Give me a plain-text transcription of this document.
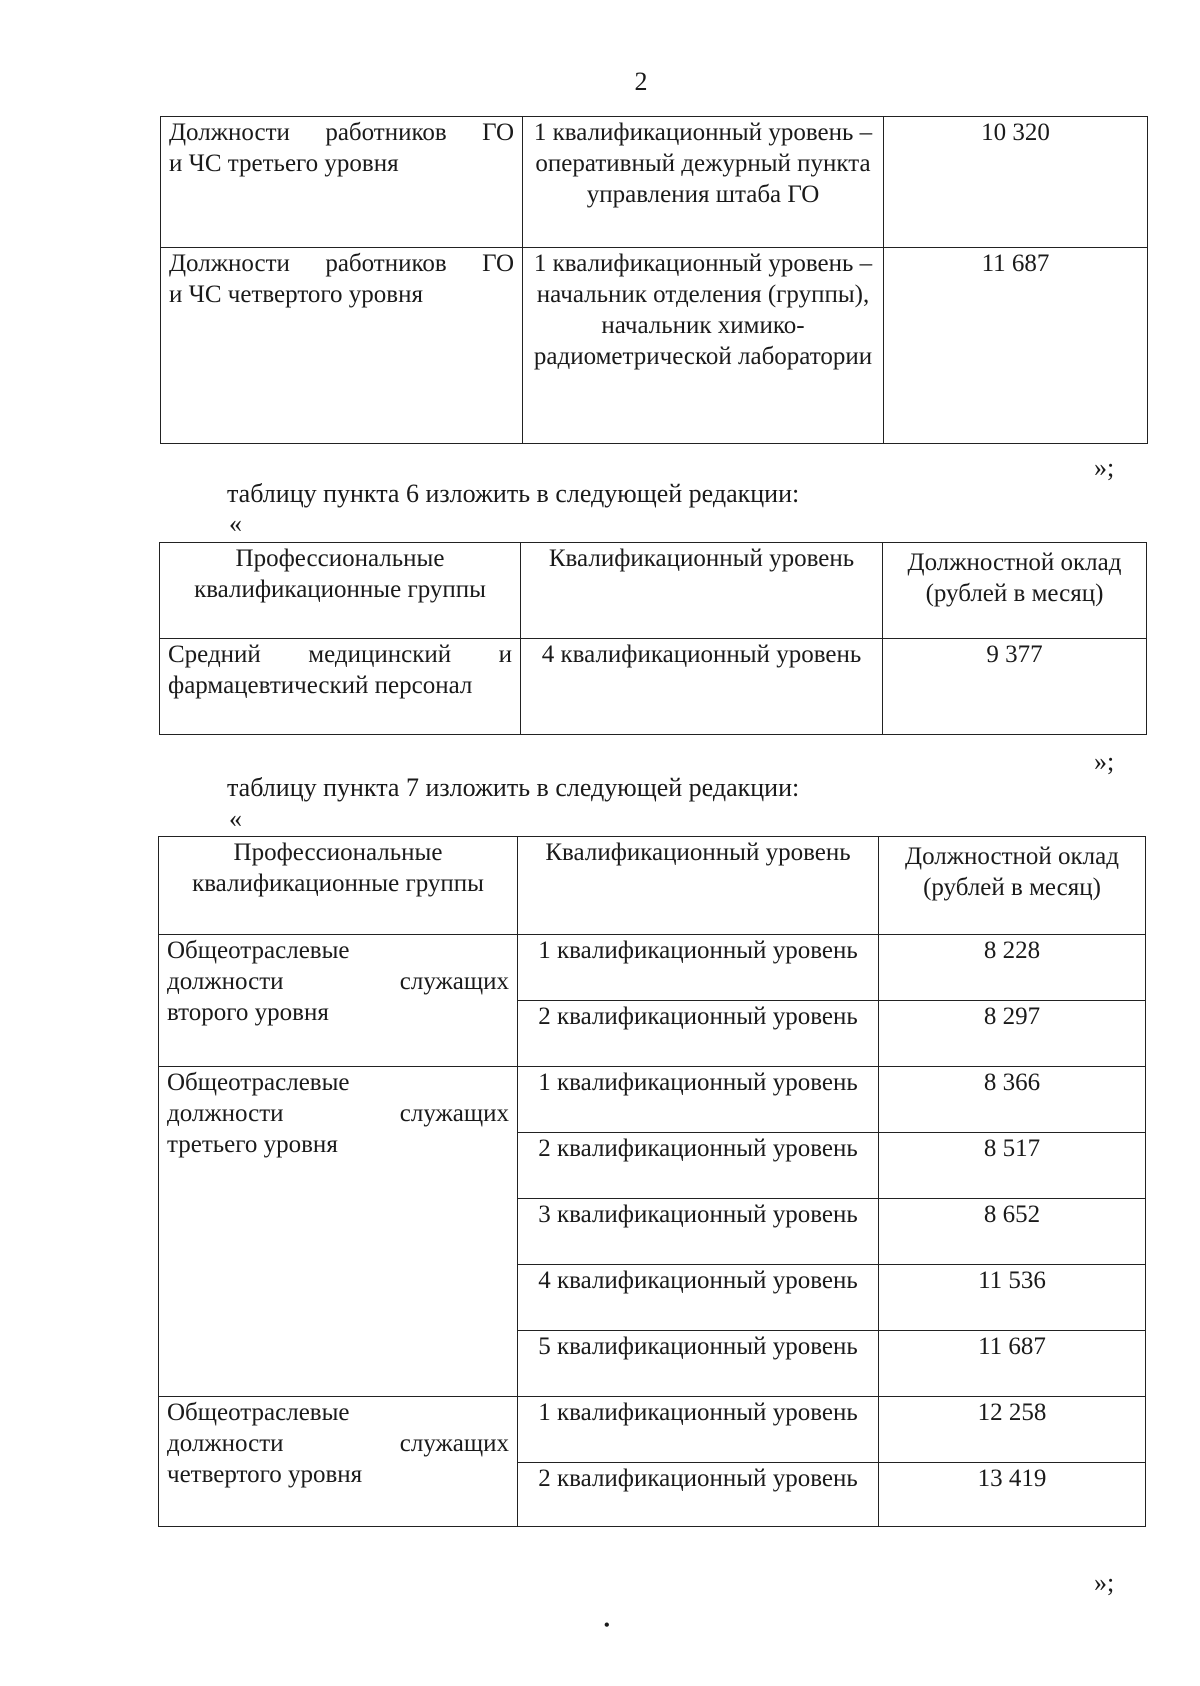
2
Должности работников ГО
и ЧС третьего уровня	1 квалификационный уровень – оперативный дежурный пункта управления штаба ГО	10 320

Должности работников ГО
и ЧС четвертого уровня	1 квалификационный уровень – начальник отделения (группы), начальник химико-радиометрической лаборатории	11 687
»;
таблицу пункта 6 изложить в следующей редакции:
«
Профессиональные квалификационные группы	Квалификационный уровень	Должностной оклад (рублей в месяц)

Средний медицинский и
фармацевтический персонал	4 квалификационный уровень	9 377
»;
таблицу пункта 7 изложить в следующей редакции:
«
Профессиональные квалификационные группы	Квалификационный уровень	Должностной оклад (рублей в месяц)

Общеотраслевые
должности служащих
второго уровня	1 квалификационный уровень	8 228
	2 квалификационный уровень	8 297

Общеотраслевые
должности служащих
третьего уровня	1 квалификационный уровень	8 366
	2 квалификационный уровень	8 517
	3 квалификационный уровень	8 652
	4 квалификационный уровень	11 536
	5 квалификационный уровень	11 687

Общеотраслевые
должности служащих
четвертого уровня	1 квалификационный уровень	12 258
	2 квалификационный уровень	13 419
»;
•
